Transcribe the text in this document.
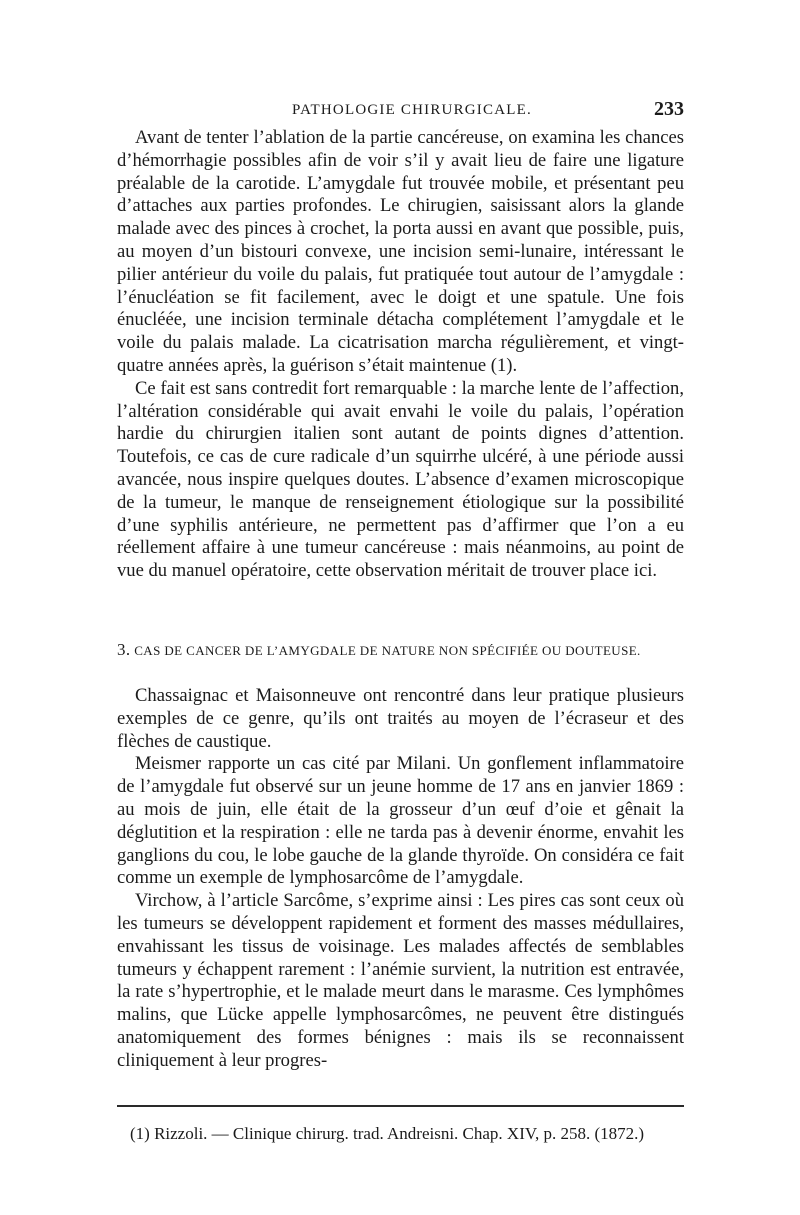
PATHOLOGIE CHIRURGICALE.	233

Avant de tenter l’ablation de la partie cancéreuse, on examina les chances d’hémorrhagie possibles afin de voir s’il y avait lieu de faire une ligature préalable de la carotide. L’amygdale fut trouvée mobile, et présentant peu d’attaches aux parties profondes. Le chirugien, saisissant alors la glande malade avec des pinces à crochet, la porta aussi en avant que possible, puis, au moyen d’un bistouri convexe, une incision semi-lunaire, intéressant le pilier antérieur du voile du palais, fut pratiquée tout autour de l’amygdale : l’énucléation se fit facilement, avec le doigt et une spatule. Une fois énucléée, une incision terminale détacha complétement l’amygdale et le voile du palais malade. La cicatrisation marcha régulièrement, et vingt-quatre années après, la guérison s’était maintenue (1).

Ce fait est sans contredit fort remarquable : la marche lente de l’affection, l’altération considérable qui avait envahi le voile du palais, l’opération hardie du chirurgien italien sont autant de points dignes d’attention. Toutefois, ce cas de cure radicale d’un squirrhe ulcéré, à une période aussi avancée, nous inspire quelques doutes. L’absence d’examen microscopique de la tumeur, le manque de renseignement étiologique sur la possibilité d’une syphilis antérieure, ne permettent pas d’affirmer que l’on a eu réellement affaire à une tumeur cancéreuse : mais néanmoins, au point de vue du manuel opératoire, cette observation méritait de trouver place ici.

3. CAS DE CANCER DE L’AMYGDALE DE NATURE NON SPÉCIFIÉE OU DOUTEUSE.

Chassaignac et Maisonneuve ont rencontré dans leur pratique plusieurs exemples de ce genre, qu’ils ont traités au moyen de l’écraseur et des flèches de caustique.

Meismer rapporte un cas cité par Milani. Un gonflement inflammatoire de l’amygdale fut observé sur un jeune homme de 17 ans en janvier 1869 : au mois de juin, elle était de la grosseur d’un œuf d’oie et gênait la déglutition et la respiration : elle ne tarda pas à devenir énorme, envahit les ganglions du cou, le lobe gauche de la glande thyroïde. On considéra ce fait comme un exemple de lymphosarcôme de l’amygdale.

Virchow, à l’article Sarcôme, s’exprime ainsi : Les pires cas sont ceux où les tumeurs se développent rapidement et forment des masses médullaires, envahissant les tissus de voisinage. Les malades affectés de semblables tumeurs y échappent rarement : l’anémie survient, la nutrition est entravée, la rate s’hypertrophie, et le malade meurt dans le marasme. Ces lymphômes malins, que Lücke appelle lymphosarcômes, ne peuvent être distingués anatomiquement des formes bénignes : mais ils se reconnaissent cliniquement à leur progres-

(1) Rizzoli. — Clinique chirurg. trad. Andreisni. Chap. XIV, p. 258. (1872.)
